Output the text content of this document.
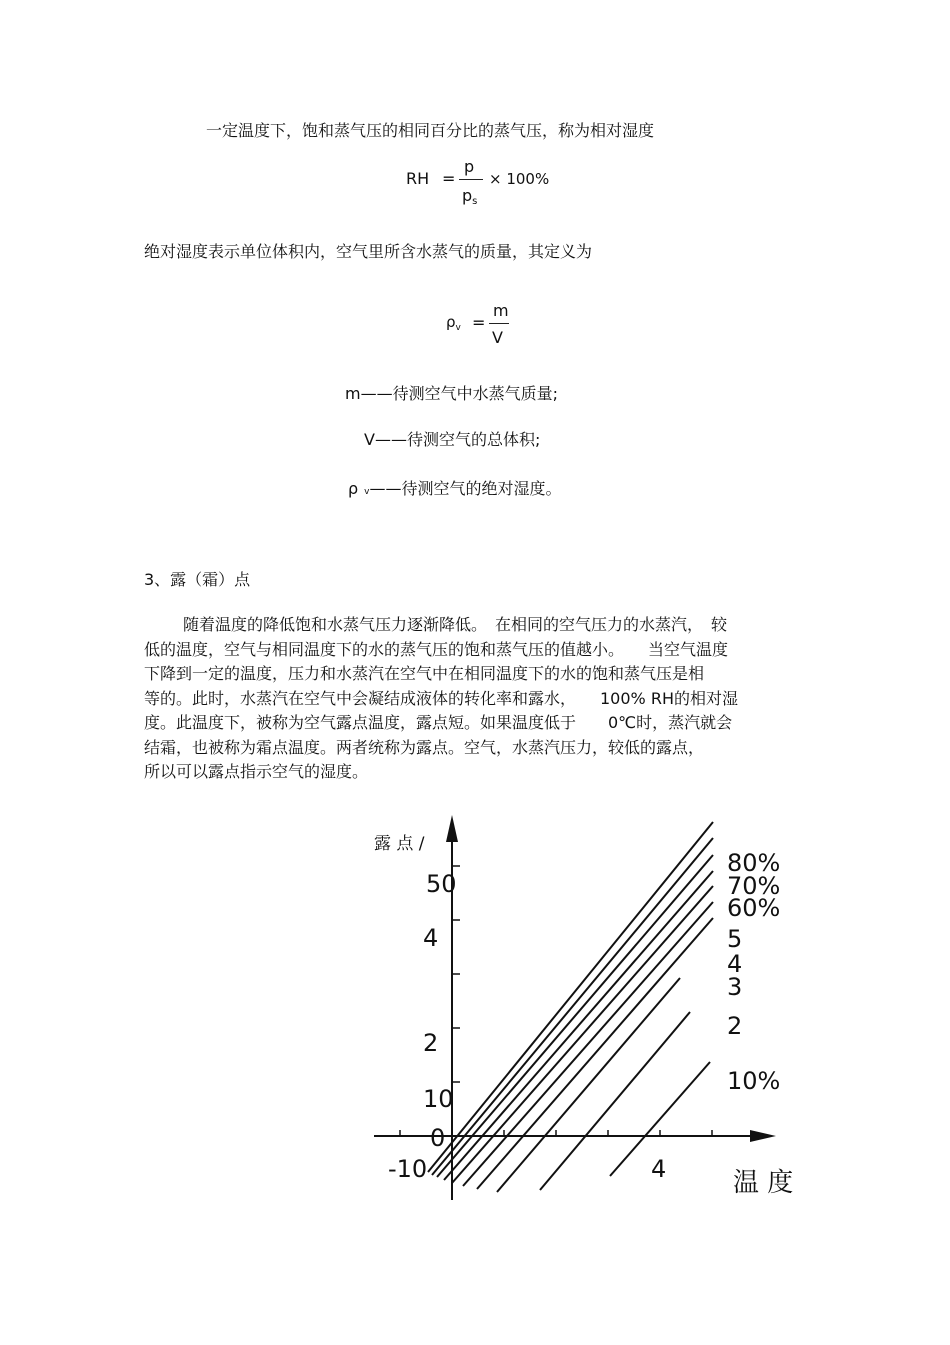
一定温度下，饱和蒸气压的相同百分比的蒸气压，称为相对湿度
RH =
p
ps
× 100%
绝对湿度表示单位体积内，空气里所含水蒸气的质量，其定义为
$\rho_v$ =
m
V
m——待测空气中水蒸气质量;
V——待测空气的总体积;
ρv——待测空气的绝对湿度。
3、露（霜）点
随着温度的降低饱和水蒸气压力逐渐降低。　在相同的空气压力的水蒸汽，　较
低的温度，空气与相同温度下的水的蒸气压的饱和蒸气压的值越小。　　当空气温度
下降到一定的温度，压力和水蒸汽在空气中在相同温度下的水的饱和蒸气压是相
等的。此时，水蒸汽在空气中会凝结成液体的转化率和露水，　　100% RH的相对湿
度。此温度下，被称为空气露点温度，露点短。如果温度低于　　0℃时，蒸汽就会
结霜，也被称为霜点温度。两者统称为露点。空气，水蒸汽压力，较低的露点，
所以可以露点指示空气的湿度。
露 点 /
温 度
50
4
2
10
0
-10	4
80%
70%
60%
5
4
3
2
10%
